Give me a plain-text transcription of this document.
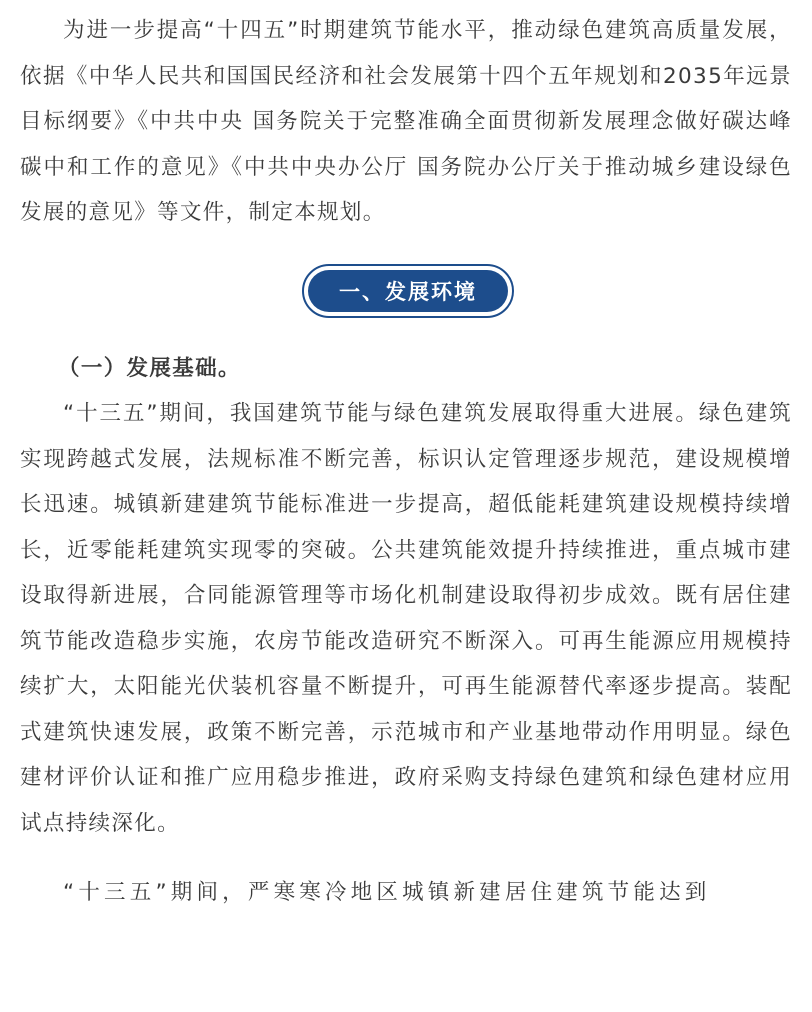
为进一步提高“十四五”时期建筑节能水平，推动绿色建筑高质量发展，依据《中华人民共和国国民经济和社会发展第十四个五年规划和2035年远景目标纲要》《中共中央 国务院关于完整准确全面贯彻新发展理念做好碳达峰碳中和工作的意见》《中共中央办公厅 国务院办公厅关于推动城乡建设绿色发展的意见》等文件，制定本规划。

一、发展环境

（一）发展基础。

“十三五”期间，我国建筑节能与绿色建筑发展取得重大进展。绿色建筑实现跨越式发展，法规标准不断完善，标识认定管理逐步规范，建设规模增长迅速。城镇新建建筑节能标准进一步提高，超低能耗建筑建设规模持续增长，近零能耗建筑实现零的突破。公共建筑能效提升持续推进，重点城市建设取得新进展，合同能源管理等市场化机制建设取得初步成效。既有居住建筑节能改造稳步实施，农房节能改造研究不断深入。可再生能源应用规模持续扩大，太阳能光伏装机容量不断提升，可再生能源替代率逐步提高。装配式建筑快速发展，政策不断完善，示范城市和产业基地带动作用明显。绿色建材评价认证和推广应用稳步推进，政府采购支持绿色建筑和绿色建材应用试点持续深化。

“十三五”期间，严寒寒冷地区城镇新建居住建筑节能达到
